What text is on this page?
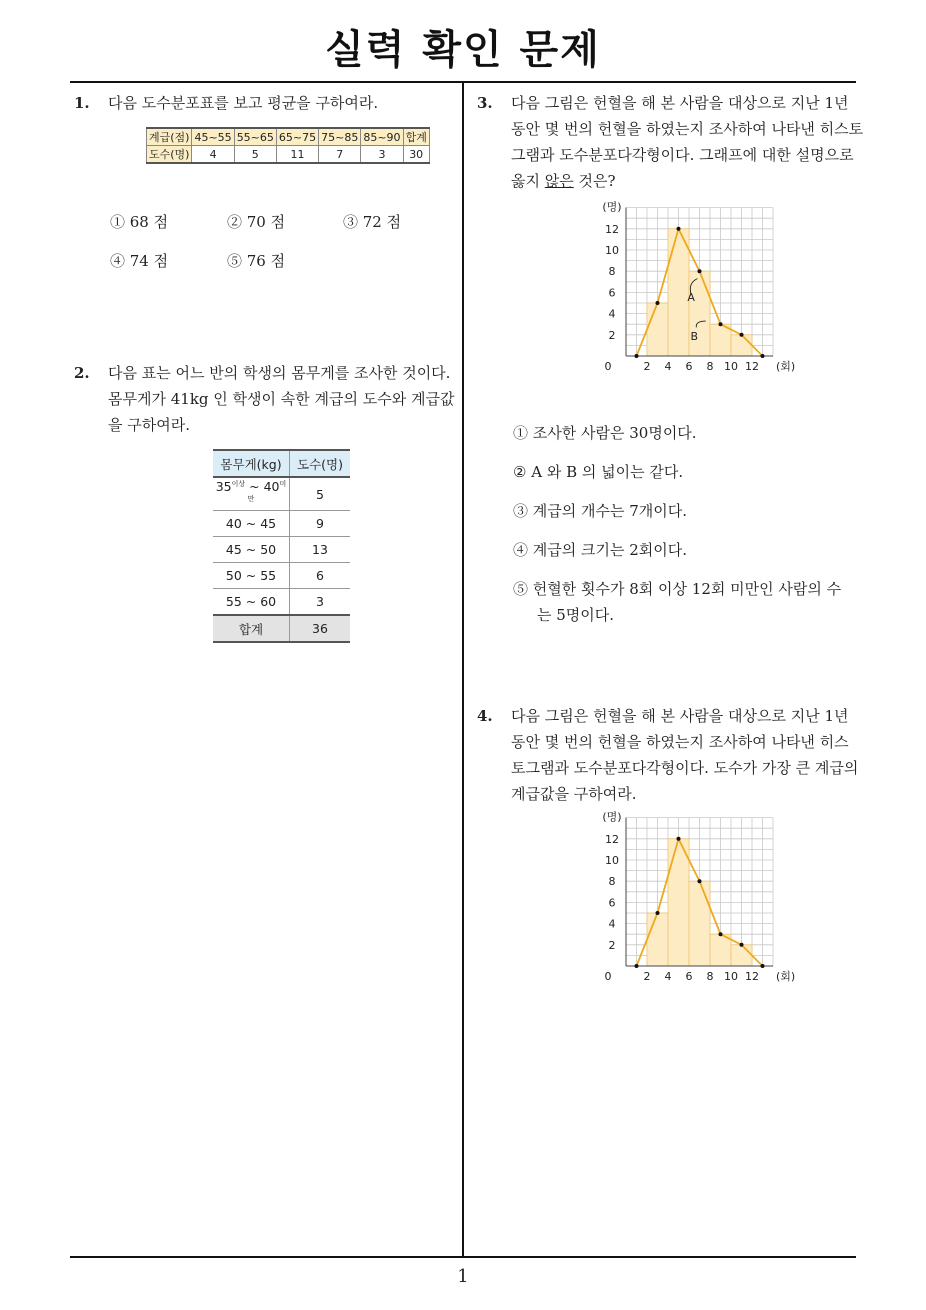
실력 확인 문제
1
1. 다음 도수분포표를 보고 평균을 구하여라.
계급(점)	45~55	55~65	65~75	75~85	85~90	합계
도수(명)	4	5	11	7	3	30
① 68 점	② 70 점	③ 72 점
④ 74 점	⑤ 76 점
2. 다음 표는 어느 반의 학생의 몸무게를 조사한 것이다.
몸무게가 41kg 인 학생이 속한 계급의 도수와 계급값
을 구하여라.
몸무게(kg)	도수(명)
$35^{이상}$ ~ $40^{미만}$	5
40 ~ 45	9
45 ~ 50	13
50 ~ 55	6
55 ~ 60	3
합계	36
3. 다음 그림은 헌혈을 해 본 사람을 대상으로 지난 1년
동안 몇 번의 헌혈을 하였는지 조사하여 나타낸 히스토
그램과 도수분포다각형이다. 그래프에 대한 설명으로
옳지 않은 것은?
0	2 4 6 8 10 12 (회)
2
4
6
8
10
12
(명)
A
B
① 조사한 사람은 30명이다.
② A 와 B 의 넓이는 같다.
③ 계급의 개수는 7개이다.
④ 계급의 크기는 2회이다.
⑤ 헌혈한 횟수가 8회 이상 12회 미만인 사람의 수
는 5명이다.
4. 다음 그림은 헌혈을 해 본 사람을 대상으로 지난 1년
동안 몇 번의 헌혈을 하였는지 조사하여 나타낸 히스
토그램과 도수분포다각형이다. 도수가 가장 큰 계급의
계급값을 구하여라.
0	2 4 6 8 10 12 (회)
2
4
6
8
10
12
(명)
